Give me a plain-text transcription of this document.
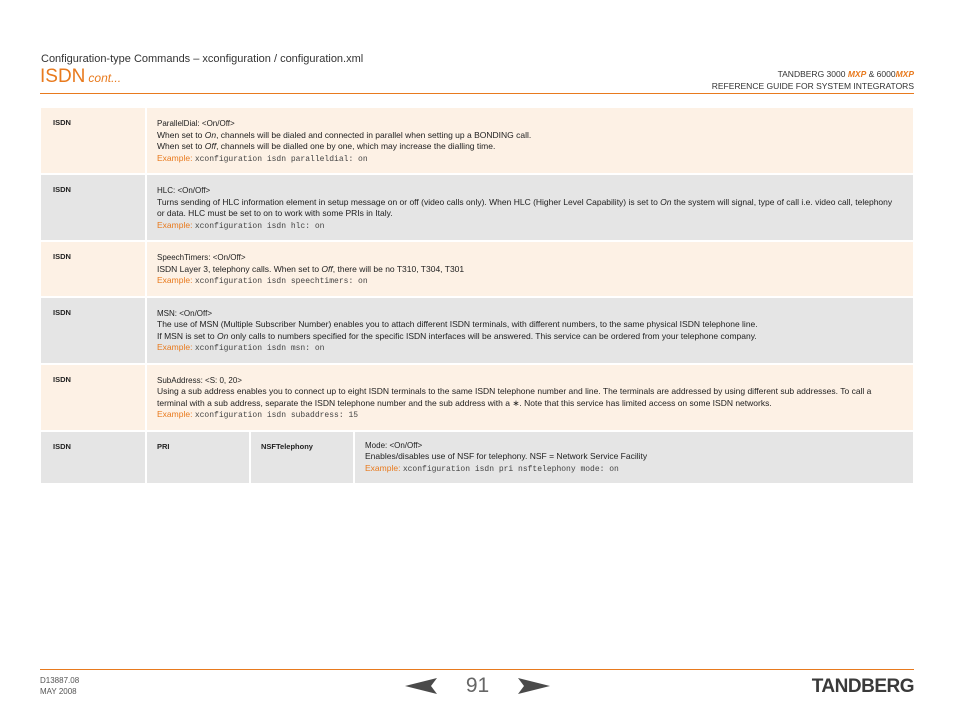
Configuration-type Commands – xconfiguration / configuration.xml
ISDN cont...	TANDBERG 3000 MXP & 6000MXP
REFERENCE GUIDE FOR SYSTEM INTEGRATORS
ISDN	ParallelDial: <On/Off>
When set to On, channels will be dialed and connected in parallel when setting up a BONDING call.
When set to Off, channels will be dialled one by one, which may increase the dialling time.
Example: xconfiguration isdn paralleldial: on
ISDN	HLC: <On/Off>
Turns sending of HLC information element in setup message on or off (video calls only). When HLC (Higher Level Capability) is set to On the system will signal, type of call i.e. video call, telephony or data. HLC must be set to on to work with some PRIs in Italy.
Example: xconfiguration isdn hlc: on
ISDN	SpeechTimers: <On/Off>
ISDN Layer 3, telephony calls. When set to Off, there will be no T310, T304, T301
Example: xconfiguration isdn speechtimers: on
ISDN	MSN: <On/Off>
The use of MSN (Multiple Subscriber Number) enables you to attach different ISDN terminals, with different numbers, to the same physical ISDN telephone line.
If MSN is set to On only calls to numbers specified for the specific ISDN interfaces will be answered. This service can be ordered from your telephone company.
Example: xconfiguration isdn msn: on
ISDN	SubAddress: <S: 0, 20>
Using a sub address enables you to connect up to eight ISDN terminals to the same ISDN telephone number and line. The terminals are addressed by using different sub addresses. To call a terminal with a sub address, separate the ISDN telephone number and the sub address with a ∗. Note that this service has limited access on some ISDN networks.
Example: xconfiguration isdn subaddress: 15
ISDN	PRI	NSFTelephony	Mode: <On/Off>
Enables/disables use of NSF for telephony. NSF = Network Service Facility
Example: xconfiguration isdn pri nsftelephony mode: on
D13887.08
MAY 2008	91	TANDBERG
